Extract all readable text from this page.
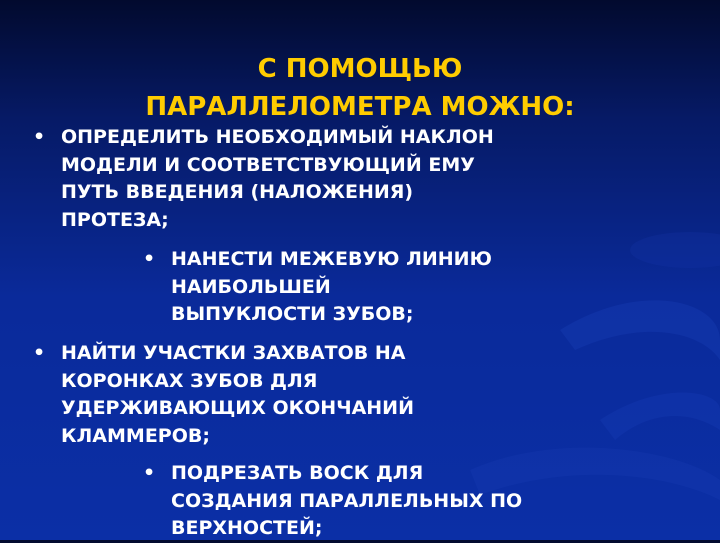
С ПОМОЩЬЮ
ПАРАЛЛЕЛОМЕТРА МОЖНО:
• ОПРЕДЕЛИТЬ НЕОБХОДИМЫЙ НАКЛОН
МОДЕЛИ И СООТВЕТСТВУЮЩИЙ ЕМУ
ПУТЬ ВВЕДЕНИЯ (НАЛОЖЕНИЯ)
ПРОТЕЗА;
• НАНЕСТИ МЕЖЕВУЮ ЛИНИЮ
НАИБОЛЬШЕЙ
ВЫПУКЛОСТИ ЗУБОВ;
• НАЙТИ УЧАСТКИ ЗАХВАТОВ НА
КОРОНКАХ ЗУБОВ ДЛЯ
УДЕРЖИВАЮЩИХ ОКОНЧАНИЙ
КЛАММЕРОВ;
• ПОДРЕЗАТЬ ВОСК ДЛЯ
СОЗДАНИЯ ПАРАЛЛЕЛЬНЫХ ПО
ВЕРХНОСТЕЙ;
